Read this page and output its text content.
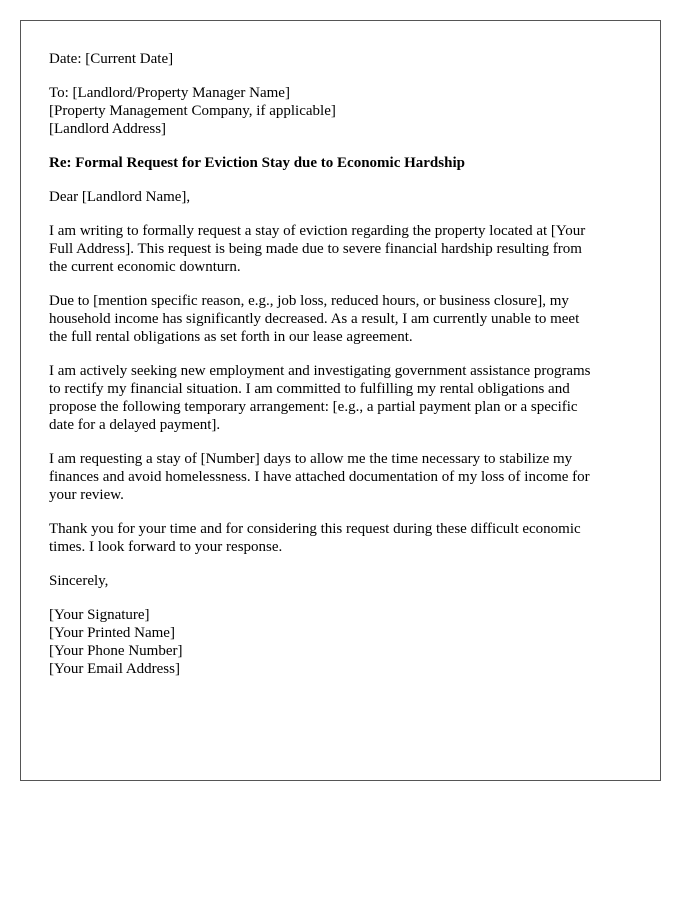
Date: [Current Date]

To: [Landlord/Property Manager Name]
[Property Management Company, if applicable]
[Landlord Address]

Re: Formal Request for Eviction Stay due to Economic Hardship

Dear [Landlord Name],

I am writing to formally request a stay of eviction regarding the property located at [Your
Full Address]. This request is being made due to severe financial hardship resulting from
the current economic downturn.

Due to [mention specific reason, e.g., job loss, reduced hours, or business closure], my
household income has significantly decreased. As a result, I am currently unable to meet
the full rental obligations as set forth in our lease agreement.

I am actively seeking new employment and investigating government assistance programs
to rectify my financial situation. I am committed to fulfilling my rental obligations and
propose the following temporary arrangement: [e.g., a partial payment plan or a specific
date for a delayed payment].

I am requesting a stay of [Number] days to allow me the time necessary to stabilize my
finances and avoid homelessness. I have attached documentation of my loss of income for
your review.

Thank you for your time and for considering this request during these difficult economic
times. I look forward to your response.

Sincerely,

[Your Signature]
[Your Printed Name]
[Your Phone Number]
[Your Email Address]
